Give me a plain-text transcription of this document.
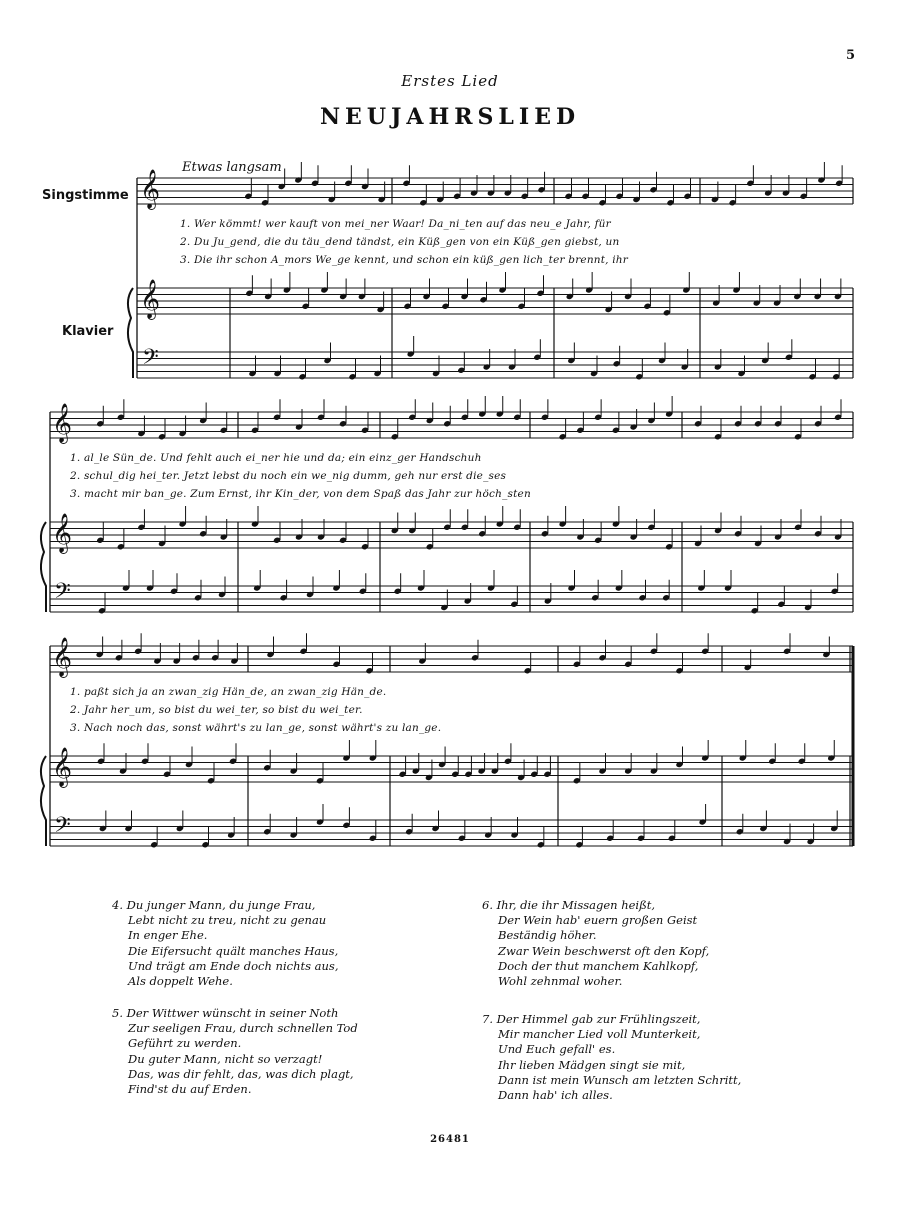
5
Erstes Lied
NEUJAHRSLIED
Etwas langsam
Singstimme
Klavier
𝄞
𝄞
𝄢
𝄞
𝄞
𝄢
𝄞
𝄞
𝄢
1. Wer kömmt! wer kauft von mei_ner Waar! Da_ni_ten auf das neu_e Jahr, für
2. Du Ju_gend, die du täu_dend tändst, ein Küß_gen von ein Küß_gen giebst, un
3. Die ihr schon A_mors We_ge kennt, und schon ein küß_gen lich_ter brennt, ihr
1. al_le Sün_de. Und fehlt auch ei_ner hie und da; ein einz_ger Handschuh
2. schul_dig hei_ter. Jetzt lebst du noch ein we_nig dumm, geh nur erst die_ses
3. macht mir ban_ge. Zum Ernst, ihr Kin_der, von dem Spaß das Jahr zur höch_sten
1. paßt sich ja an zwan_zig Hän_de, an zwan_zig Hän_de.
2. Jahr her_um, so bist du wei_ter, so bist du wei_ter.
3. Nach noch das, sonst währt's zu lan_ge, sonst währt's zu lan_ge.
4. Du junger Mann, du junge Frau,
Lebt nicht zu treu, nicht zu genau
In enger Ehe.
Die Eifersucht quält manches Haus,
Und trägt am Ende doch nichts aus,
Als doppelt Wehe.
5. Der Wittwer wünscht in seiner Noth
Zur seeligen Frau, durch schnellen Tod
Geführt zu werden.
Du guter Mann, nicht so verzagt!
Das, was dir fehlt, das, was dich plagt,
Find'st du auf Erden.
6. Ihr, die ihr Missagen heißt,
Der Wein hab' euern großen Geist
Beständig höher.
Zwar Wein beschwerst oft den Kopf,
Doch der thut manchem Kahlkopf,
Wohl zehnmal woher.
7. Der Himmel gab zur Frühlingszeit,
Mir mancher Lied voll Munterkeit,
Und Euch gefall' es.
Ihr lieben Mädgen singt sie mit,
Dann ist mein Wunsch am letzten Schritt,
Dann hab' ich alles.
26481
